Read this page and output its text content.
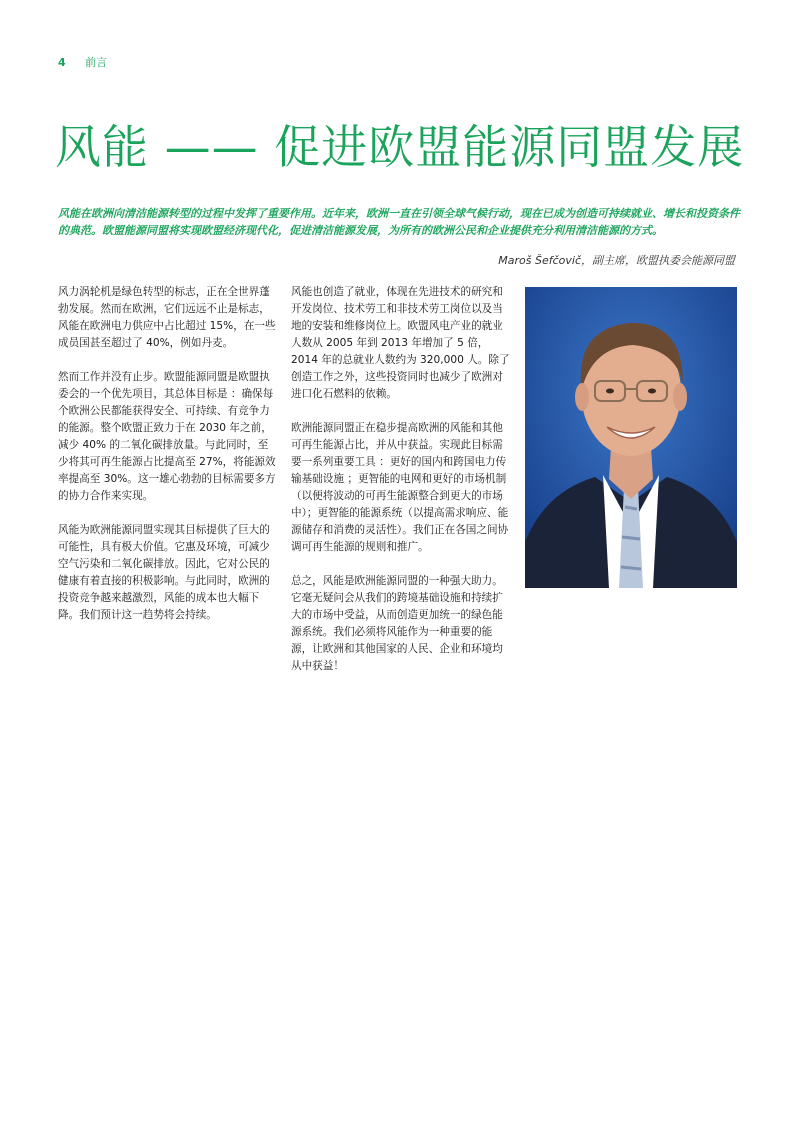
4 前言
风能 —— 促进欧盟能源同盟发展

风能在欧洲向清洁能源转型的过程中发挥了重要作用。近年来，欧洲一直在引领全球气候行动，现在已成为创造可持续就业、增长和投资条件的典范。欧盟能源同盟将实现欧盟经济现代化，促进清洁能源发展，为所有的欧洲公民和企业提供充分利用清洁能源的方式。

Maroš Šefčovič，副主席，欧盟执委会能源同盟

风力涡轮机是绿色转型的标志，正在全世界蓬勃发展。然而在欧洲，它们远远不止是标志，风能在欧洲电力供应中占比超过 15%，在一些成员国甚至超过了 40%，例如丹麦。

然而工作并没有止步。欧盟能源同盟是欧盟执委会的一个优先项目，其总体目标是 ：确保每个欧洲公民都能获得安全、可持续、有竞争力的能源。整个欧盟正致力于在 2030 年之前，减少 40% 的二氧化碳排放量。与此同时，至少将其可再生能源占比提高至 27%，将能源效率提高至 30%。这一雄心勃勃的目标需要多方的协力合作来实现。

风能为欧洲能源同盟实现其目标提供了巨大的可能性，具有极大价值。它惠及环境，可减少空气污染和二氧化碳排放。因此，它对公民的健康有着直接的积极影响。与此同时，欧洲的投资竞争越来越激烈，风能的成本也大幅下降。我们预计这一趋势将会持续。

风能也创造了就业，体现在先进技术的研究和开发岗位、技术劳工和非技术劳工岗位以及当地的安装和维修岗位上。欧盟风电产业的就业人数从 2005 年到 2013 年增加了 5 倍，2014 年的总就业人数约为 320,000 人。除了创造工作之外，这些投资同时也减少了欧洲对进口化石燃料的依赖。

欧洲能源同盟正在稳步提高欧洲的风能和其他可再生能源占比，并从中获益。实现此目标需要一系列重要工具 ：更好的国内和跨国电力传输基础设施 ；更智能的电网和更好的市场机制（以便将波动的可再生能源整合到更大的市场中）；更智能的能源系统（以提高需求响应、能源储存和消费的灵活性）。我们正在各国之间协调可再生能源的规则和推广。

总之，风能是欧洲能源同盟的一种强大助力。它毫无疑问会从我们的跨境基础设施和持续扩大的市场中受益，从而创造更加统一的绿色能源系统。我们必须将风能作为一种重要的能源，让欧洲和其他国家的人民、企业和环境均从中获益！
